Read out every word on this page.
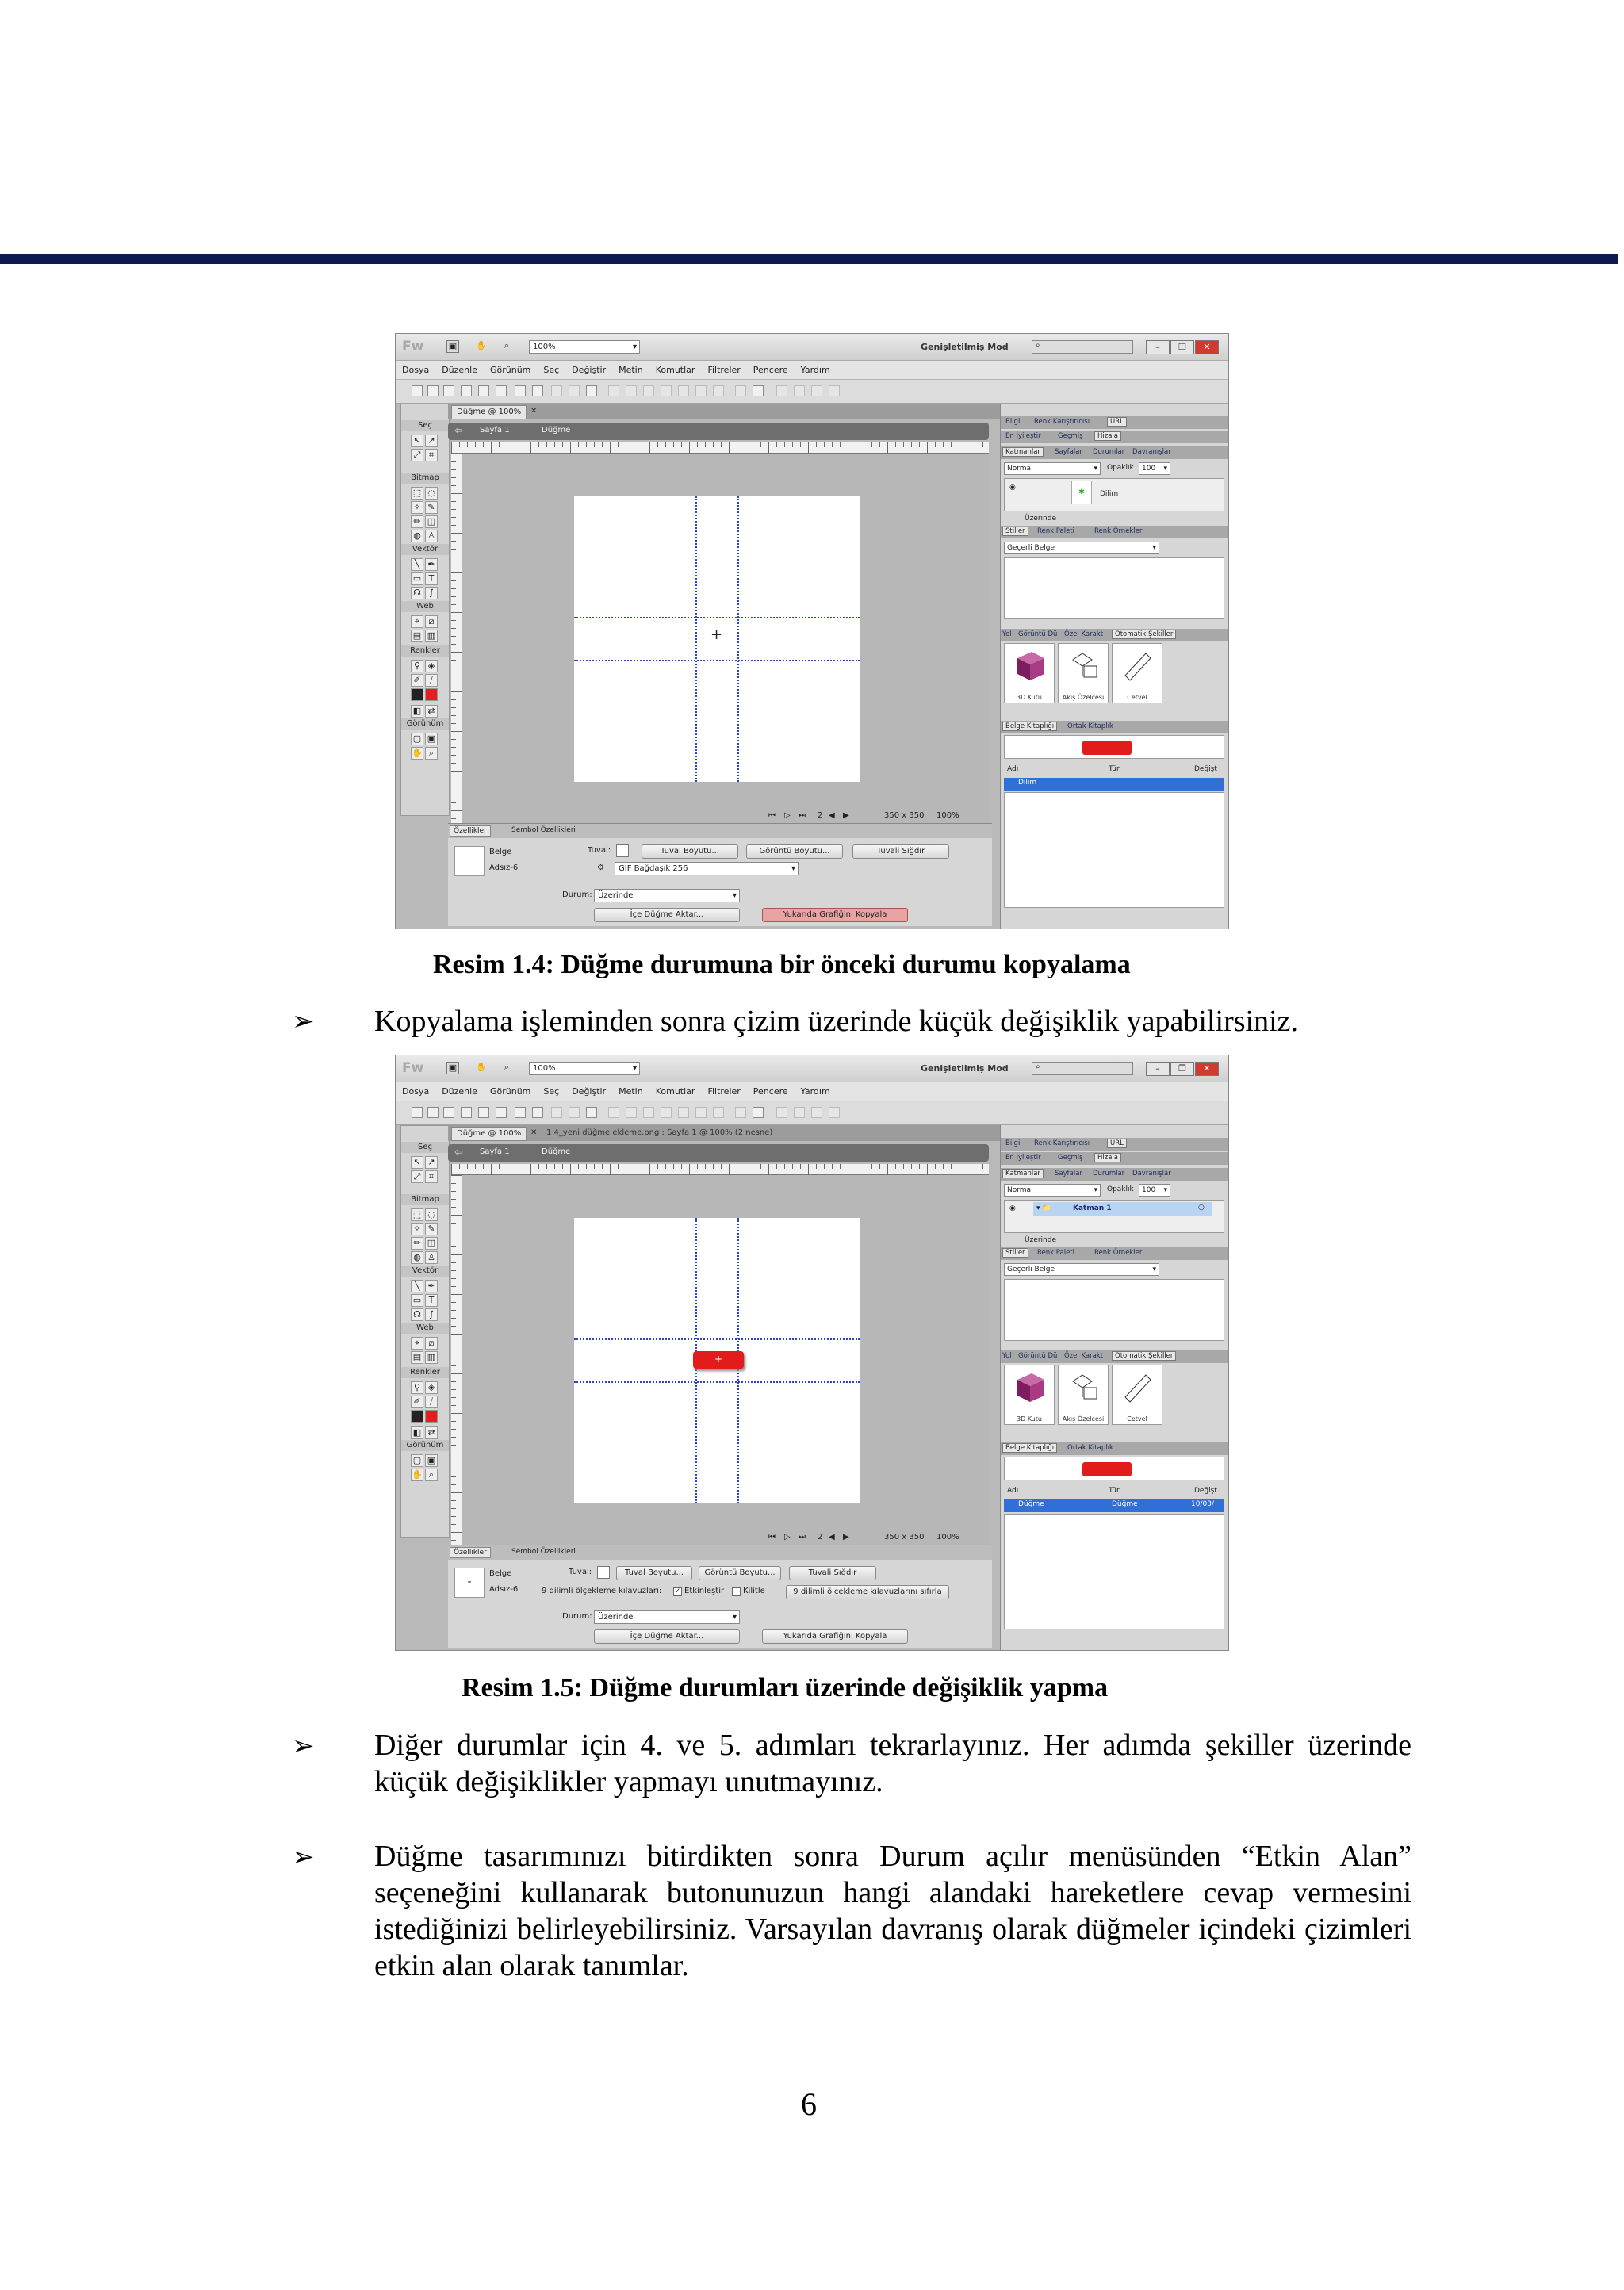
Fw	▣ ✋	⌕	100% ▾	Genişletilmiş Mod	⌕	– ❐ ✕
Dosya Düzenle Görünüm Seç Değiştir Metin Komutlar Filtreler Pencere Yardım
Seç
↖ ↗⤢ ⌗
Bitmap
⬚ ◌✧ ✎✏ ◫◍ ♙
Vektör
╲ ✒▭ T☊ ∫
Web
⌖ ⧄▤ ▥
Renkler
⚲ ◈✐ ⧸◧ ⇄
Görünüm
▢ ▣✋ ⌕
Düğme @ 100%	✕
⇦	Sayfa 1	Düğme
+
⏮ ▷ ⏭ 2 ◀ ▶	350 x 350 100%
Özellikler	Sembol Özellikleri
Belge
Adsız-6
Tuval:	Tuval Boyutu...	Görüntü Boyutu...	Tuvali Sığdır
⚙	GIF Bağdaşık 256 ▾
Durum: Üzerinde ▾
İçe Düğme Aktar...	Yukarıda Grafiğini Kopyala
Bilgi Renk Karıştırıcısı	URL
En İyileştir	Geçmiş	Hizala
Katmanlar	Sayfalar Durumlar Davranışlar
Normal ▾	Opaklık	100 ▾
◉
✱	Dilim
Üzerinde
Stiller	Renk Paleti	Renk Örnekleri
Geçerli Belge ▾
Yol Görüntü Dü Özel Karakt	Otomatik Şekiller
3D Kutu	Akış Özelcesi	Cetvel
Belge Kitaplığı	Ortak Kitaplık
Adı	Tür	Değişt
Dilim
Resim 1.4: Düğme durumuna bir önceki durumu kopyalama
➢ Kopyalama işleminden sonra çizim üzerinde küçük değişiklik yapabilirsiniz.
Fw	▣ ✋	⌕	100% ▾	Genişletilmiş Mod	⌕	– ❐ ✕
Dosya Düzenle Görünüm Seç Değiştir Metin Komutlar Filtreler Pencere Yardım
Seç
↖ ↗⤢ ⌗
Bitmap
⬚ ◌✧ ✎✏ ◫◍ ♙
Vektör
╲ ✒▭ T☊ ∫
Web
⌖ ⧄▤ ▥
Renkler
⚲ ◈✐ ⧸◧ ⇄
Görünüm
▢ ▣✋ ⌕
Düğme @ 100%	✕ 1 4_yeni düğme ekleme.png : Sayfa 1 @ 100% (2 nesne)
⇦	Sayfa 1	Düğme
+
⏮ ▷ ⏭ 2 ◀ ▶	350 x 350 100%
Özellikler	Sembol Özellikleri
-
Belge
Adsız-6
Tuval:	Tuval Boyutu...	Görüntü Boyutu...	Tuvali Sığdır
9 dilimli ölçekleme kılavuzları: ✓ Etkinleştir Kilitle	9 dilimli ölçekleme kılavuzlarını sıfırla
Durum: Üzerinde ▾
İçe Düğme Aktar...	Yukarıda Grafiğini Kopyala
Bilgi Renk Karıştırıcısı	URL
En İyileştir	Geçmiş	Hizala
Katmanlar	Sayfalar Durumlar Davranışlar
Normal ▾	Opaklık	100 ▾
◉	▾ 📁	Katman 1	○
Üzerinde
Stiller	Renk Paleti	Renk Örnekleri
Geçerli Belge ▾
Yol Görüntü Dü Özel Karakt	Otomatik Şekiller
3D Kutu	Akış Özelcesi	Cetvel
Belge Kitaplığı	Ortak Kitaplık
Adı	Tür	Değişt
Düğme	Düğme	10/03/
Resim 1.5: Düğme durumları üzerinde değişiklik yapma
➢ Diğer durumlar için 4. ve 5. adımları tekrarlayınız. Her adımda şekiller üzerinde küçük değişiklikler yapmayı unutmayınız.
➢ Düğme tasarımınızı bitirdikten sonra Durum açılır menüsünden “Etkin Alan” seçeneğini kullanarak butonunuzun hangi alandaki hareketlere cevap vermesini istediğinizi belirleyebilirsiniz. Varsayılan davranış olarak düğmeler içindeki çizimleri etkin alan olarak tanımlar.
6
